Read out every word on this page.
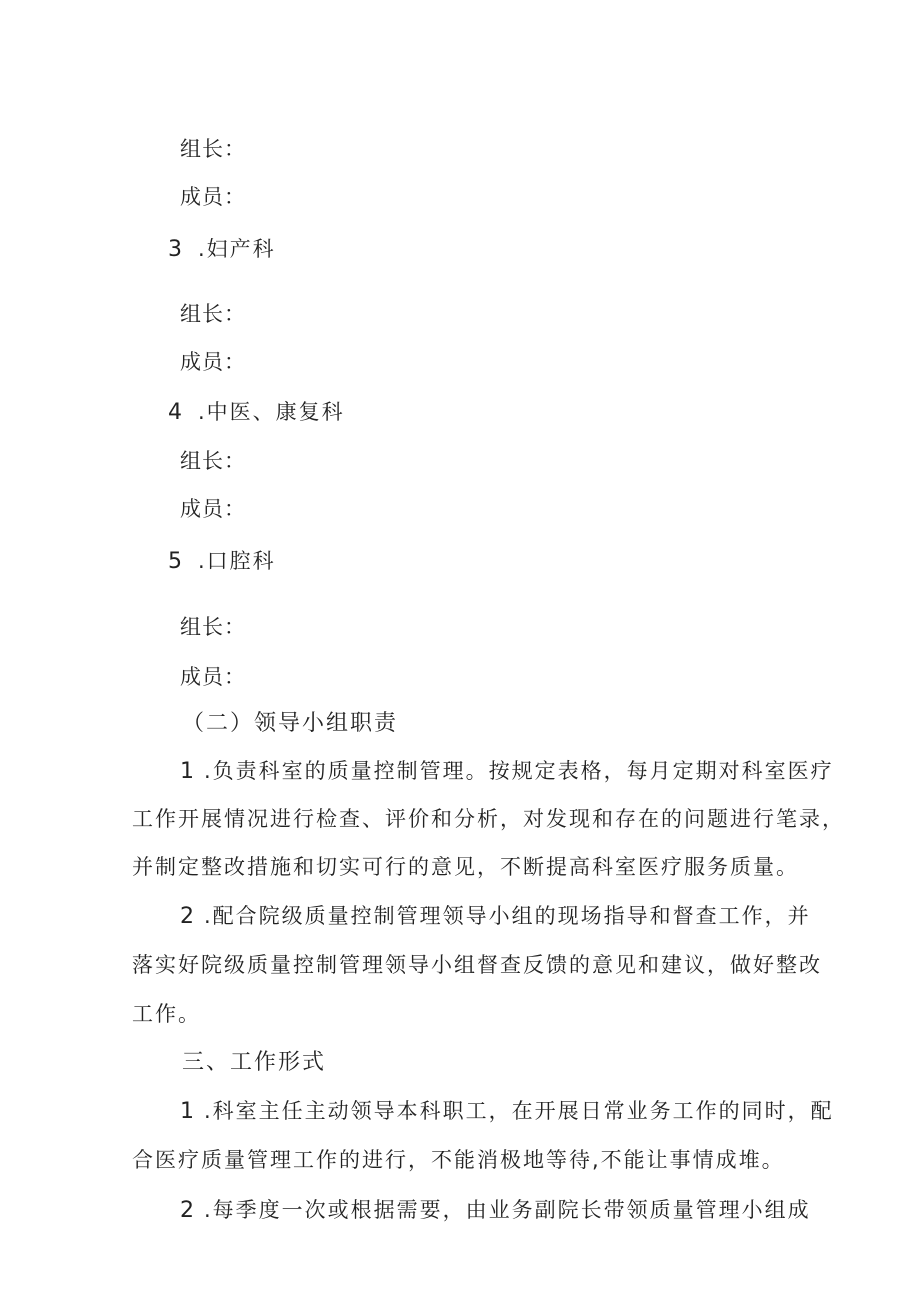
组长：
成员：
3 .妇产科
组长：
成员：
4 .中医、康复科
组长：
成员：
5 .口腔科
组长：
成员：
（二）领导小组职责
1 .负责科室的质量控制管理。按规定表格，每月定期对科室医疗
工作开展情况进行检查、评价和分析，对发现和存在的问题进行笔录，
并制定整改措施和切实可行的意见，不断提高科室医疗服务质量。
2 .配合院级质量控制管理领导小组的现场指导和督查工作，并
落实好院级质量控制管理领导小组督查反馈的意见和建议，做好整改
工作。
三、工作形式
1 .科室主任主动领导本科职工，在开展日常业务工作的同时，配
合医疗质量管理工作的进行，不能消极地等待,不能让事情成堆。
2 .每季度一次或根据需要，由业务副院长带领质量管理小组成
